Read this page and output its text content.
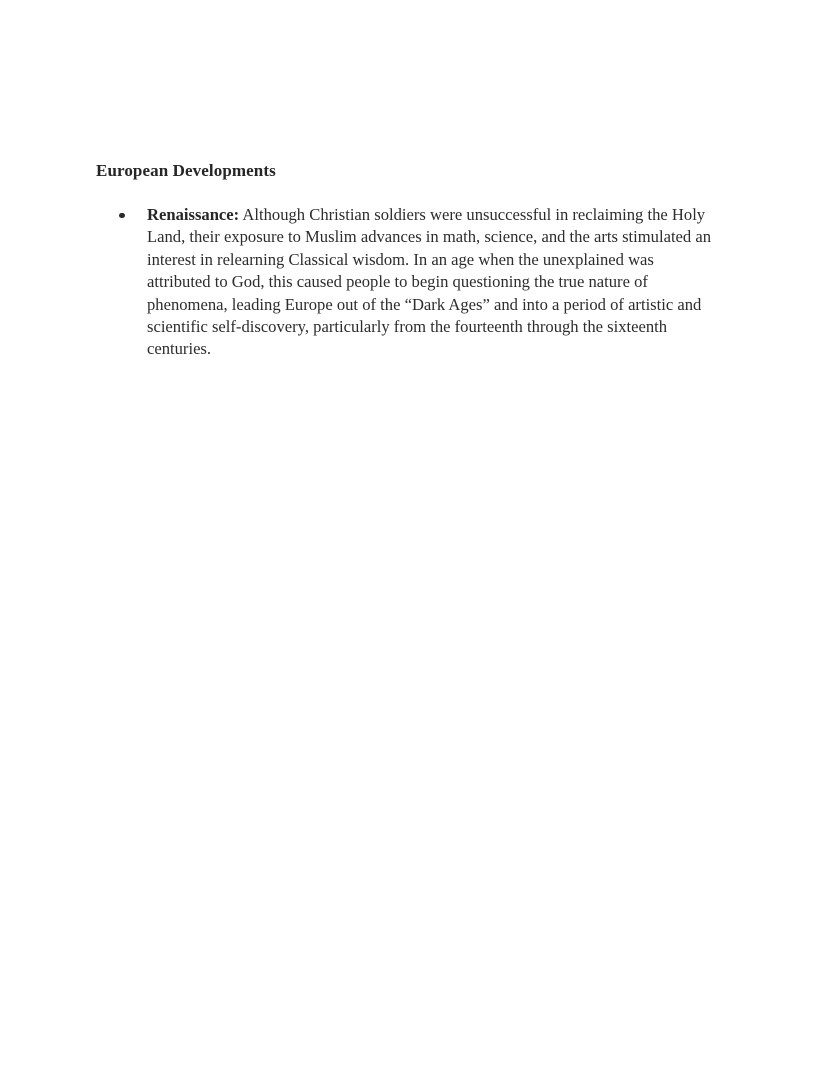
European Developments
Renaissance: Although Christian soldiers were unsuccessful in reclaiming the Holy Land, their exposure to Muslim advances in math, science, and the arts stimulated an interest in relearning Classical wisdom. In an age when the unexplained was attributed to God, this caused people to begin questioning the true nature of phenomena, leading Europe out of the “Dark Ages” and into a period of artistic and scientific self-discovery, particularly from the fourteenth through the sixteenth centuries.
